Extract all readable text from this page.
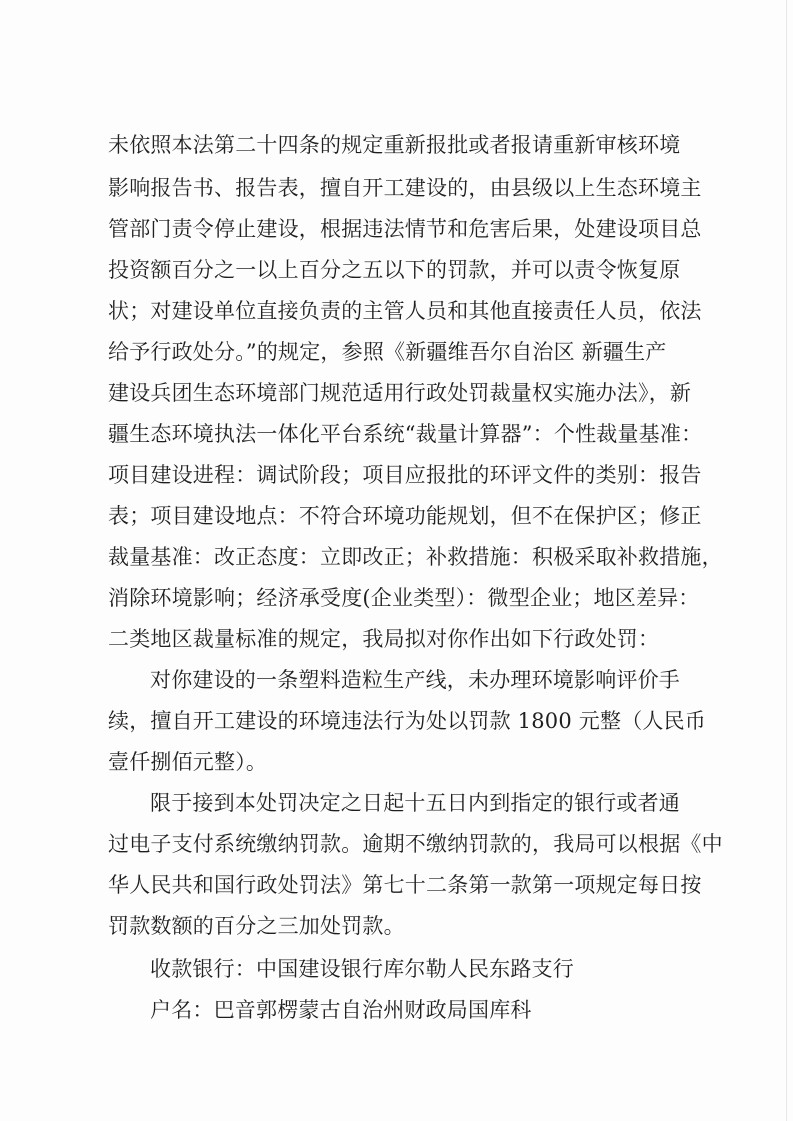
未依照本法第二十四条的规定重新报批或者报请重新审核环境
影响报告书、报告表，擅自开工建设的，由县级以上生态环境主
管部门责令停止建设，根据违法情节和危害后果，处建设项目总
投资额百分之一以上百分之五以下的罚款，并可以责令恢复原
状；对建设单位直接负责的主管人员和其他直接责任人员，依法
给予行政处分。”的规定，参照《新疆维吾尔自治区 新疆生产
建设兵团生态环境部门规范适用行政处罚裁量权实施办法》，新
疆生态环境执法一体化平台系统“裁量计算器”：个性裁量基准：
项目建设进程：调试阶段；项目应报批的环评文件的类别：报告
表；项目建设地点：不符合环境功能规划，但不在保护区；修正
裁量基准：改正态度：立即改正；补救措施：积极采取补救措施，
消除环境影响；经济承受度(企业类型）：微型企业；地区差异：
二类地区裁量标准的规定，我局拟对你作出如下行政处罚：
对你建设的一条塑料造粒生产线，未办理环境影响评价手
续，擅自开工建设的环境违法行为处以罚款 1800 元整（人民币
壹仟捌佰元整）。
限于接到本处罚决定之日起十五日内到指定的银行或者通
过电子支付系统缴纳罚款。逾期不缴纳罚款的，我局可以根据《中
华人民共和国行政处罚法》第七十二条第一款第一项规定每日按
罚款数额的百分之三加处罚款。
收款银行：中国建设银行库尔勒人民东路支行
户名：巴音郭楞蒙古自治州财政局国库科
